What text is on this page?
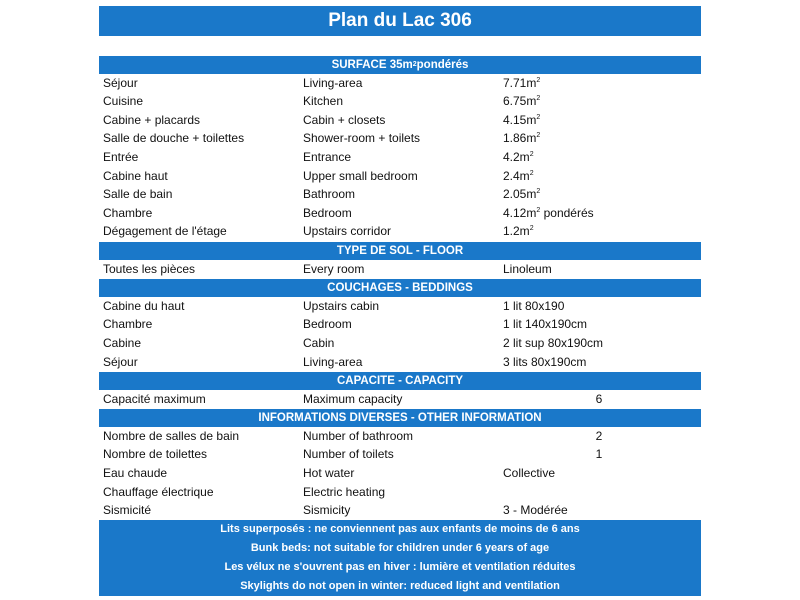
Plan du Lac 306
SURFACE 35m 2 pondérés
Séjour	Living-area	$7.71m^2$
Cuisine	Kitchen	$6.75m^2$
Cabine + placards	Cabin + closets	$4.15m^2$
Salle de douche + toilettes	Shower-room + toilets	$1.86m^2$
Entrée	Entrance	$4.2m^2$
Cabine haut	Upper small bedroom	$2.4m^2$
Salle de bain	Bathroom	$2.05m^2$
Chambre	Bedroom	$4.12m^2$ pondérés
Dégagement de l'étage	Upstairs corridor	$1.2m^2$
TYPE DE SOL - FLOOR
Toutes les pièces	Every room	Linoleum
COUCHAGES - BEDDINGS
Cabine du haut	Upstairs cabin	1 lit 80x190
Chambre	Bedroom	1 lit 140x190cm
Cabine	Cabin	2 lit sup 80x190cm
Séjour	Living-area	3 lits 80x190cm
CAPACITE - CAPACITY
Capacité maximum	Maximum capacity	6
INFORMATIONS DIVERSES - OTHER INFORMATION
Nombre de salles de bain	Number of bathroom	2
Nombre de toilettes	Number of toilets	1
Eau chaude	Hot water	Collective
Chauffage électrique	Electric heating
Sismicité	Sismicity	3 - Modérée
Lits superposés : ne conviennent pas aux enfants de moins de 6 ans
Bunk beds: not suitable for children under 6 years of age
Les vélux ne s'ouvrent pas en hiver : lumière et ventilation réduites
Skylights do not open in winter: reduced light and ventilation
